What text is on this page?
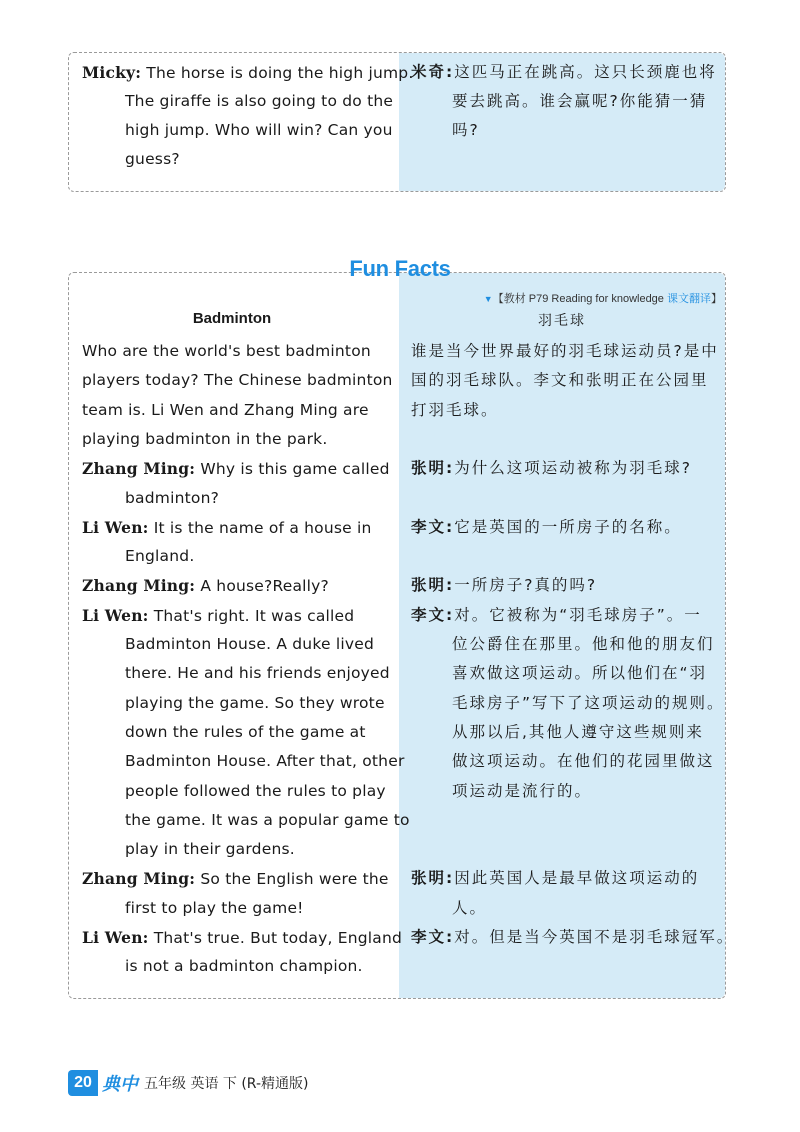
Micky: The horse is doing the high jump.
The giraffe is also going to do the
high jump. Who will win? Can you
guess?
米奇:这匹马正在跳高。这只长颈鹿也将
要去跳高。谁会赢呢?你能猜一猜
吗?
Fun Facts
▼【教材 P79 Reading for knowledge 课文翻译】
Badminton	羽毛球
Who are the world's best badminton
players today? The Chinese badminton
team is. Li Wen and Zhang Ming are
playing badminton in the park.
谁是当今世界最好的羽毛球运动员?是中
国的羽毛球队。李文和张明正在公园里
打羽毛球。
Zhang Ming: Why is this game called
badminton?
张明:为什么这项运动被称为羽毛球?
Li Wen: It is the name of a house in
England.
李文:它是英国的一所房子的名称。
Zhang Ming: A house?Really?	张明:一所房子?真的吗?
Li Wen: That's right. It was called
Badminton House. A duke lived
there. He and his friends enjoyed
playing the game. So they wrote
down the rules of the game at
Badminton House. After that, other
people followed the rules to play
the game. It was a popular game to
play in their gardens.
李文:对。它被称为“羽毛球房子”。一
位公爵住在那里。他和他的朋友们
喜欢做这项运动。所以他们在“羽
毛球房子”写下了这项运动的规则。
从那以后,其他人遵守这些规则来
做这项运动。在他们的花园里做这
项运动是流行的。
Zhang Ming: So the English were the
first to play the game!
张明:因此英国人是最早做这项运动的
人。
Li Wen: That's true. But today, England
is not a badminton champion.
李文:对。但是当今英国不是羽毛球冠军。
20 典中 五年级 英语 下 (R-精通版)
